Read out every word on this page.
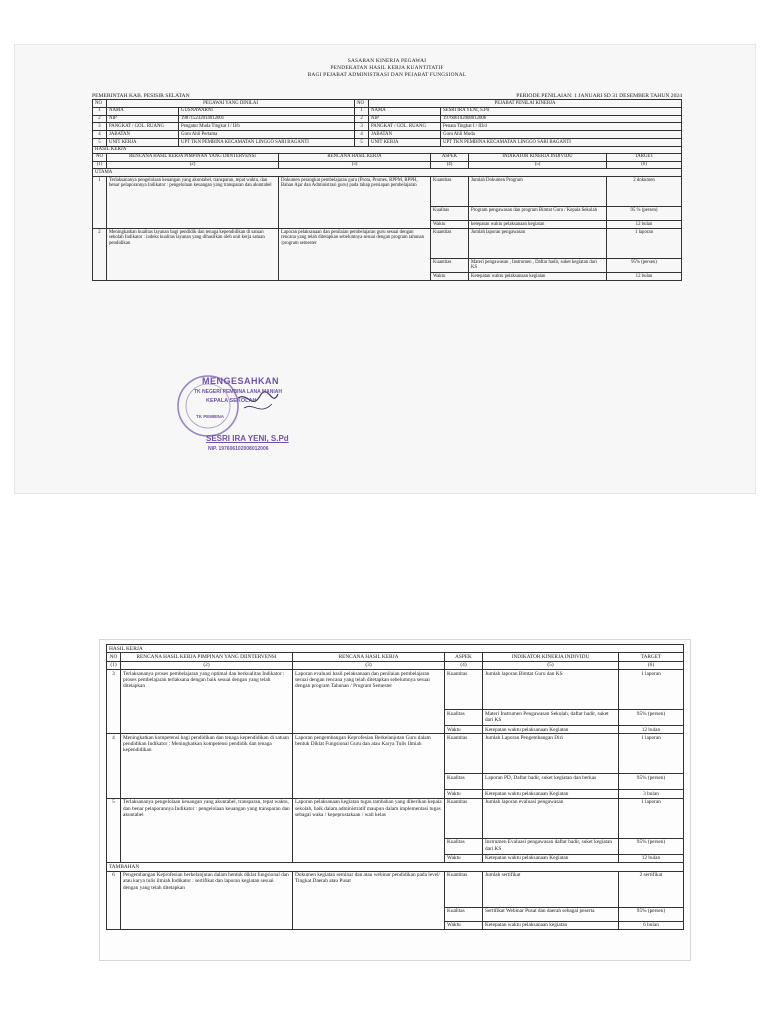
SASARAN KINERJA PEGAWAI
PENDEKATAN HASIL KERJA KUANTITATIF
BAGI PEJABAT ADMINISTRASI DAN PEJABAT FUNGSIONAL
PEMERINTAH KAB. PESISIR SELATAN	PERIODE PENILAIAN: 1 JANUARI SD 31 DESEMBER TAHUN 2024
NO	PEGAWAI YANG DINILAI		NO	PEJABAT PENILAI KINERJA	
1	NAMA	GUSNAWARNI	1	NAMA	SESRI IRA YENI, S.Pd
2	NIP	198715232014012001	2	NIP	197606102008012006
3	PANGKAT / GOL. RUANG	Pengatur Muda Tingkat I / II/b	3	PANGKAT / GOL. RUANG	Penata Tingkat I / III/d
4	JABATAN	Guru Ahli Pertama	4	JABATAN	Guru Ahli Muda
5	UNIT KERJA	UPT TKN PEMBINA KECAMATAN LINGGO SARI BAGANTI	5	UNIT KERJA	UPT TKN PEMBINA KECAMATAN LINGGO SARI BAGANTI
HASIL KERJA
NO	RENCANA HASIL KERJA PIMPINAN YANG DIINTERVENSI	RENCANA HASIL KERJA	ASPEK	INDIKATOR KINERJA INDIVIDU	TARGET
(1)	(2)	(3)	(4)	(5)	(6)
UTAMA					
1	Terlaksananya pengelolaan keuangan yang akuntabel, transparan, tepat waktu, dan benar pelaporannya Indikator : pengelolaan keuangan yang transparan dan akuntabel	Dokumen perangkat pembelajaran guru (Prota, Promes, RPPM, RPPH, Bahan Ajar dan Administrasi guru) pada tahap persiapan pembelajaran	Kuantitas	Jumlah Dokumen Program	2 dokumen
			Kualitas	Program pengawasan dan program Bimtat Guru / Kepala Sekolah	95 % (persen)
			Waktu	ketepatan waktu pelaksanaan kegiatan	12 bulan
2	Meningkatkan kualitas layanan bagi pendidik dan tenaga kependidikan di satuan sekolah Indikator : indeks kualitas layanan yang dihasilkan oleh unit kerja satuan pendidikan	Laporan pelaksanaan dan penilaian pembelajaran guru sesuai dengan rencana yang telah ditetapkan sebelumnya sesuai dengan program tahunan /program semester	Kuantitas	Jumlah laporan pengawasan	1 laporan
			Kuantitas	Materi pengawasan , Instrumen , Daftar hadir, suket kegiatan dari KS	95% (persen)
			Waktu	Ketepatan waktu pelaksanaan kegiatan	12 bulan
MENGESAHKAN
TK NEGERI PEMBINA LANA MANIAH
KEPALA SEKOLAH
TK PEMBINA
SESRI IRA YENI, S.Pd
NIP. 197606102008012006
HASIL KERJA
NO	RENCANA HASIL KERJA PIMPINAN YANG DIINTERVENSI	RENCANA HASIL KERJA	ASPEK	INDIKATOR KINERJA INDIVIDU	TARGET
(1)	(2)	(3)	(4)	(5)	(6)
3	Terlaksananya proses pembelajaran yang optimal dan berkualitas Indikator : proses pembelajaran terlaksana dengan baik sesuai dengan yang telah ditetapkan	Laporan evaluasi hasil pelaksanaan dan penilaian pembelajaran sesuai dengan rencana yang telah ditetapkan sebelumnya sesuai dengan program Tahunan / Program Semester	Kuantitas	Jumlah laporan Bimtat Guru dan KS	1 laporan
			Kualitas	Materi Instrumen Pengawasan Sekolah, daftar hadir, suket dari KS	95% (persen)
			Waktu	Ketepatan waktu pelaksanaan Kegiatan	12 bulan
4	Meningkatkan kompetensi bagi pendidikan dan tenaga kependidikan di satuan pendidikan Indikator : Meningkatkan kompetensi pendidik dan tenaga kependidikan	Laporan pengembangan Keprofesian Berkelanjutan Guru dalam bentuk Diklat Fungsional Guru dan atau Karya Tulis Ilmiah	Kuantitas	Jumlah Laporan Pengembangan Diri	1 laporan
			Kualitas	Laporan PD, Daftar hadir, suket kegiatan dan berkas	95% (persen)
			Waktu	Ketepatan waktu pelaksanaan Kegiatan	3 bulan
5	Terlaksananya pengelolaan keuangan yang akuntabel, transparan, tepat waktu, dan benar pelaporannya Indikator : pengelolaan keuangan yang transparan dan akuntabel	Laporan pelaksanaan kegiatan tugas tambahan yang diberikan kepala sekolah, baik dalam administratif maupun dalam implementasi tugas sebagai waka / kepeprustakaan / wali kelas	Kuantitas	Jumlah laporan evaluasi pengawasan	1 laporan
			Kualitas	Instrumen Evaluasi pengawasan daftar hadir, suket kegiatan dari KS	95% (persen)
			Waktu	Ketepatan waktu pelaksanaan Kegiatan	12 bulan
TAMBAHAN					
6	Pengembangan Keprofesian berkelanjutan dalam bentuk diklat fungsional dan atau karya tulis ilmiah Indikator : sertifikat dan laporan kegiatan sesuai dengan yang telah ditetapkan	Dokumen kegiatan seminar dan atau webinar pendidikan pada level/ Tingkat Daerah atau Pusat	Kuantitas	Jumlah sertifikat	2 sertifikat
			Kualitas	Sertifikat Webinar Pusat dan daerah sebagai peserta	95% (persen)
			Waktu	Ketepatan waktu pelaksanaan kegiatan	6 bulan
